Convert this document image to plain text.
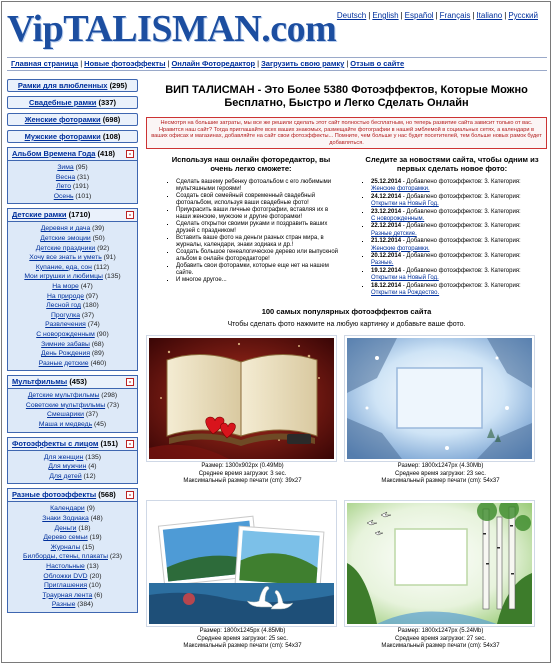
VipTALISMAN.com Deutsch | English | Español | Français | Italiano | Русский
Главная страница | Новые фотоэффекты | Онлайн Фоторедактор | Загрузить свою рамку | Отзыв о сайте
Рамки для влюбленных (295)
Свадебные рамки (337)
Женские фоторамки (698)
Мужские фоторамки (108)
Альбом Времена Года (418)	-
Зима (95)
Весна (31)
Лето (191)
Осень (101)
Детские рамки (1710)	-
Деревня и дача (39)
Детские эмоции (50)
Детские праздники (92)
Хочу все знать и уметь (91)
Купание, еда, сон (112)
Мои игрушки и любимцы (135)
На море (47)
На природе (97)
Лесной год (180)
Прогулка (37)
Развлечения (74)
С новорожденным (90)
Зимние забавы (68)
День Рождения (89)
Разные детские (460)
Мультфильмы (453)	-
Детские мультфильмы (298)
Советские мультфильмы (73)
Смешарики (37)
Маша и медведь (45)
Фотоэффекты с лицом (151)	-
Для женщин (135)
Для мужчин (4)
Для детей (12)
Разные фотоэффекты (568)	-
Календари (9)
Знаки Зодиака (48)
Деньги (18)
Дерево семьи (19)
Журналы (15)
Билборды, стены, плакаты (23)
Настольные (13)
Обложки DVD (20)
Приглашения (10)
Траурная лента (6)
Разные (384)
ВИП ТАЛИСМАН - Это Более 5380 Фотоэффектов, Которые Можно Бесплатно, Быстро и Легко Сделать Онлайн
Несмотря на большие затраты, мы все же решили сделать этот сайт полностью бесплатным, но теперь развитие сайта зависит только от вас. Нравится наш сайт? Тогда приглашайте всех ваших знакомых, размещайте фотографии в нашей эмблемой в социальных сетях, а календари в ваших офисах и магазинах, добавляйте на сайт свои фотоэффекты... Помните, чем больше у нас будет посетителей, тем больше новых рамок будет добавляться.
Используя наш онлайн фоторедактор, вы очень легко сможете:
▪ Сделать вашему ребенку фотоальбом с его любимыми мультяшными героями!
▪ Создать свой семейный современный свадебный фотоальбом, используя ваши свадебные фото!
▪ Приукрасить ваши личные фотографии, вставляя их в наши женские, мужские и другие фоторамки!
▪ Сделать открытки своими руками и поздравить ваших друзей с праздником!
▪ Вставить ваше фото на деньги разных стран мира, в журналы, календари, знаки зодиака и др.!
▪ Создать большое генеалогическое дерево или выпускной альбом в онлайн фоторедакторе!
▪ Добавить свои фоторамки, которые еще нет на нашем сайте.
▪ И многое другое...
Следите за новостями сайта, чтобы одним из первых сделать новое фото:
▪ 25.12.2014 - Добавлено фотоэффектов: 3. Категория:
Женские фоторамки.
▪ 24.12.2014 - Добавлено фотоэффектов: 3. Категория:
Открытки на Новый Год.
▪ 23.12.2014 - Добавлено фотоэффектов: 3. Категория:
С новорожденным.
▪ 22.12.2014 - Добавлено фотоэффектов: 3. Категория:
Разные детские.
▪ 21.12.2014 - Добавлено фотоэффектов: 3. Категория:
Женские фоторамки.
▪ 20.12.2014 - Добавлено фотоэффектов: 3. Категория:
Разные.
▪ 19.12.2014 - Добавлено фотоэффектов: 3. Категория:
Открытки на Новый Год.
▪ 18.12.2014 - Добавлено фотоэффектов: 3. Категория:
Открытки на Рождество.
100 самых популярных фотоэффектов сайта
Чтобы сделать фото нажмите на любую картинку и добавьте ваше фото.
Размер: 1300x902px (0.49Mb)
Среднее время загрузки: 3 sec.
Максимальный размер печати (cm): 39x27
Размер: 1800x1247px (4.30Mb)
Среднее время загрузки: 23 sec.
Максимальный размер печати (cm): 54x37
Размер: 1800x1245px (4.85Mb)
Среднее время загрузки: 25 sec.
Максимальный размер печати (cm): 54x37
Размер: 1800x1247px (5.24Mb)
Среднее время загрузки: 27 sec.
Максимальный размер печати (cm): 54x37
